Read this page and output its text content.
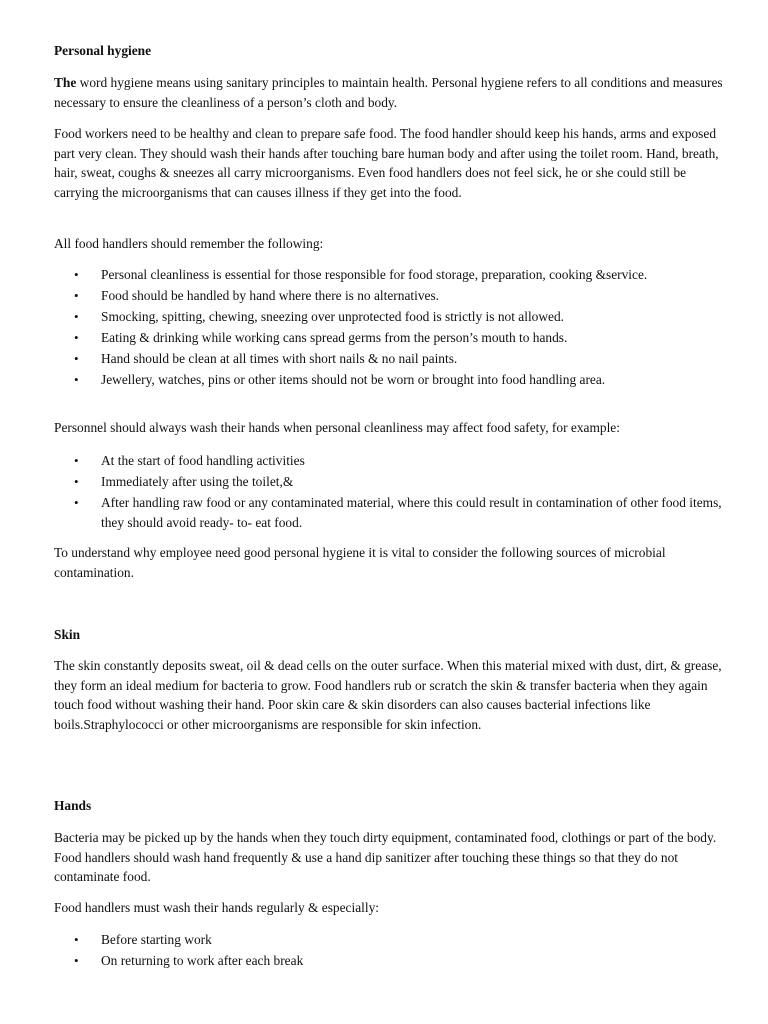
Personal hygiene

The word hygiene means using sanitary principles to maintain health. Personal hygiene refers to all conditions and measures necessary to ensure the cleanliness of a person’s cloth and body.

Food workers need to be healthy and clean to prepare safe food. The food handler should keep his hands, arms and exposed part very clean. They should wash their hands after touching bare human body and after using the toilet room. Hand, breath, hair, sweat, coughs & sneezes all carry microorganisms. Even food handlers does not feel sick, he or she could still be carrying the microorganisms that can causes illness if they get into the food.

All food handlers should remember the following:

• Personal cleanliness is essential for those responsible for food storage, preparation, cooking &service.
• Food should be handled by hand where there is no alternatives.
• Smocking, spitting, chewing, sneezing over unprotected food is strictly is not allowed.
• Eating & drinking while working cans spread germs from the person’s mouth to hands.
• Hand should be clean at all times with short nails & no nail paints.
• Jewellery, watches, pins or other items should not be worn or brought into food handling area.

Personnel should always wash their hands when personal cleanliness may affect food safety, for example:

• At the start of food handling activities
• Immediately after using the toilet,&
• After handling raw food or any contaminated material, where this could result in contamination of other food items, they should avoid ready- to- eat food.

To understand why employee need good personal hygiene it is vital to consider the following sources of microbial contamination.

Skin

The skin constantly deposits sweat, oil & dead cells on the outer surface. When this material mixed with dust, dirt, & grease, they form an ideal medium for bacteria to grow. Food handlers rub or scratch the skin & transfer bacteria when they again touch food without washing their hand. Poor skin care & skin disorders can also causes bacterial infections like boils.Straphylococci or other microorganisms are responsible for skin infection.

Hands

Bacteria may be picked up by the hands when they touch dirty equipment, contaminated food, clothings or part of the body. Food handlers should wash hand frequently & use a hand dip sanitizer after touching these things so that they do not contaminate food.

Food handlers must wash their hands regularly & especially:

• Before starting work
• On returning to work after each break
